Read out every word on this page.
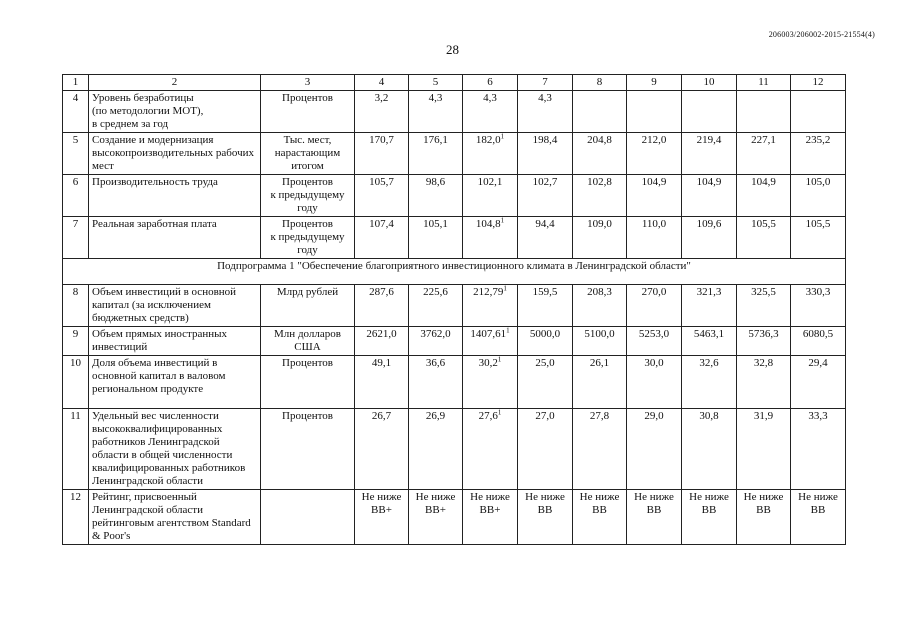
206003/206002-2015-21554(4)
28
1	2	3	4	5	6	7	8	9	10	11	12
4	Уровень безработицы
(по методологии МОТ),
в среднем за год	Процентов	3,2	4,3	4,3	4,3					
5	Создание и модернизация высокопроизводительных рабочих мест	Тыс. мест,
нарастающим
итогом	170,7	176,1	182,0$^1$	198,4	204,8	212,0	219,4	227,1	235,2
6	Производительность труда	Процентов
к предыдущему
году	105,7	98,6	102,1	102,7	102,8	104,9	104,9	104,9	105,0
7	Реальная заработная плата	Процентов
к предыдущему
году	107,4	105,1	104,8$^1$	94,4	109,0	110,0	109,6	105,5	105,5
Подпрограмма 1 "Обеспечение благоприятного инвестиционного климата в Ленинградской области"											
8	Объем инвестиций в основной капитал (за исключением бюджетных средств)	Млрд рублей	287,6	225,6	212,79$^1$	159,5	208,3	270,0	321,3	325,5	330,3
9	Объем прямых иностранных инвестиций	Млн долларов
США	2621,0	3762,0	1407,61$^1$	5000,0	5100,0	5253,0	5463,1	5736,3	6080,5
10	Доля объема инвестиций в основной капитал в валовом региональном продукте	Процентов	49,1	36,6	30,2$^1$	25,0	26,1	30,0	32,6	32,8	29,4
11	Удельный вес численности высококвалифицированных работников Ленинградской области в общей численности квалифицированных работников Ленинградской области	Процентов	26,7	26,9	27,6$^1$	27,0	27,8	29,0	30,8	31,9	33,3
12	Рейтинг, присвоенный Ленинградской области рейтинговым агентством Standard & Poor's		Не ниже
BB+	Не ниже
BB+	Не ниже
BB+	Не ниже
BB	Не ниже
BB	Не ниже
BB	Не ниже
BB	Не ниже
BB	Не ниже
BB
